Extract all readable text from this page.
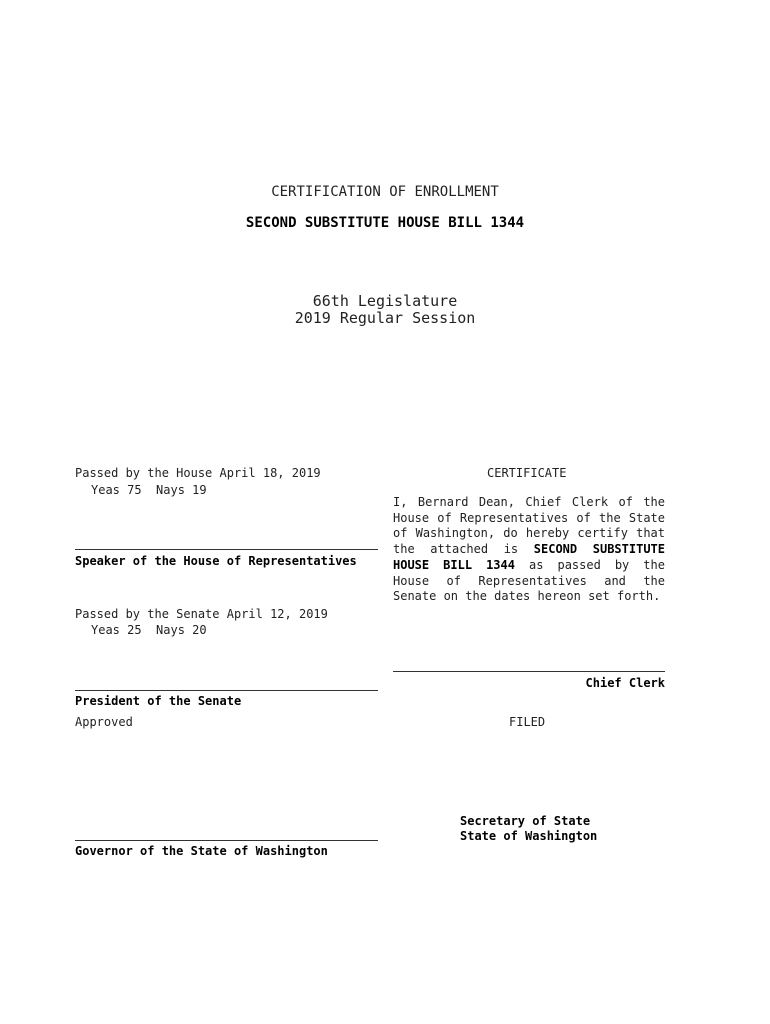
CERTIFICATION OF ENROLLMENT
SECOND SUBSTITUTE HOUSE BILL 1344
66th Legislature
2019 Regular Session
Passed by the House April 18, 2019
Yeas 75  Nays 19
Speaker of the House of Representatives
Passed by the Senate April 12, 2019
Yeas 25  Nays 20
President of the Senate
Approved
Governor of the State of Washington
CERTIFICATE
I, Bernard Dean, Chief Clerk of the House of Representatives of the State of Washington, do hereby certify that the attached is SECOND SUBSTITUTE HOUSE BILL 1344 as passed by the House of Representatives and the Senate on the dates hereon set forth.
Chief Clerk
FILED
Secretary of State
State of Washington
